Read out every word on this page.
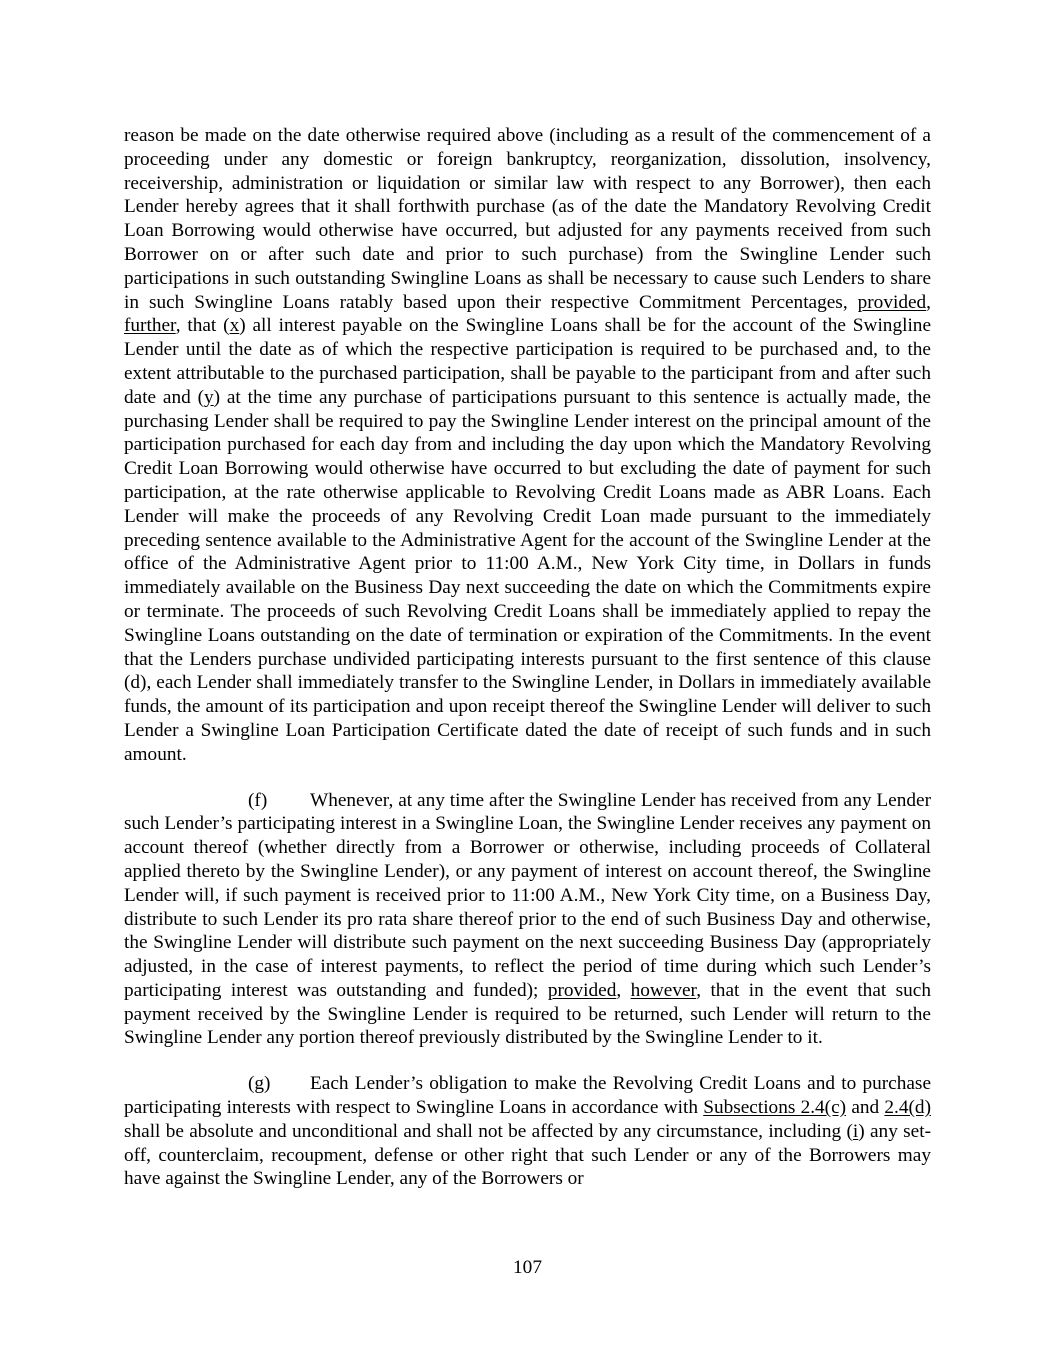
reason be made on the date otherwise required above (including as a result of the commencement of a proceeding under any domestic or foreign bankruptcy, reorganization, dissolution, insolvency, receivership, administration or liquidation or similar law with respect to any Borrower), then each Lender hereby agrees that it shall forthwith purchase (as of the date the Mandatory Revolving Credit Loan Borrowing would otherwise have occurred, but adjusted for any payments received from such Borrower on or after such date and prior to such purchase) from the Swingline Lender such participations in such outstanding Swingline Loans as shall be necessary to cause such Lenders to share in such Swingline Loans ratably based upon their respective Commitment Percentages, provided, further, that (x) all interest payable on the Swingline Loans shall be for the account of the Swingline Lender until the date as of which the respective participation is required to be purchased and, to the extent attributable to the purchased participation, shall be payable to the participant from and after such date and (y) at the time any purchase of participations pursuant to this sentence is actually made, the purchasing Lender shall be required to pay the Swingline Lender interest on the principal amount of the participation purchased for each day from and including the day upon which the Mandatory Revolving Credit Loan Borrowing would otherwise have occurred to but excluding the date of payment for such participation, at the rate otherwise applicable to Revolving Credit Loans made as ABR Loans. Each Lender will make the proceeds of any Revolving Credit Loan made pursuant to the immediately preceding sentence available to the Administrative Agent for the account of the Swingline Lender at the office of the Administrative Agent prior to 11:00 A.M., New York City time, in Dollars in funds immediately available on the Business Day next succeeding the date on which the Commitments expire or terminate. The proceeds of such Revolving Credit Loans shall be immediately applied to repay the Swingline Loans outstanding on the date of termination or expiration of the Commitments. In the event that the Lenders purchase undivided participating interests pursuant to the first sentence of this clause (d), each Lender shall immediately transfer to the Swingline Lender, in Dollars in immediately available funds, the amount of its participation and upon receipt thereof the Swingline Lender will deliver to such Lender a Swingline Loan Participation Certificate dated the date of receipt of such funds and in such amount.

(f) Whenever, at any time after the Swingline Lender has received from any Lender such Lender’s participating interest in a Swingline Loan, the Swingline Lender receives any payment on account thereof (whether directly from a Borrower or otherwise, including proceeds of Collateral applied thereto by the Swingline Lender), or any payment of interest on account thereof, the Swingline Lender will, if such payment is received prior to 11:00 A.M., New York City time, on a Business Day, distribute to such Lender its pro rata share thereof prior to the end of such Business Day and otherwise, the Swingline Lender will distribute such payment on the next succeeding Business Day (appropriately adjusted, in the case of interest payments, to reflect the period of time during which such Lender’s participating interest was outstanding and funded); provided, however, that in the event that such payment received by the Swingline Lender is required to be returned, such Lender will return to the Swingline Lender any portion thereof previously distributed by the Swingline Lender to it.

(g) Each Lender’s obligation to make the Revolving Credit Loans and to purchase participating interests with respect to Swingline Loans in accordance with Subsections 2.4(c) and 2.4(d) shall be absolute and unconditional and shall not be affected by any circumstance, including (i) any set-off, counterclaim, recoupment, defense or other right that such Lender or any of the Borrowers may have against the Swingline Lender, any of the Borrowers or

107
